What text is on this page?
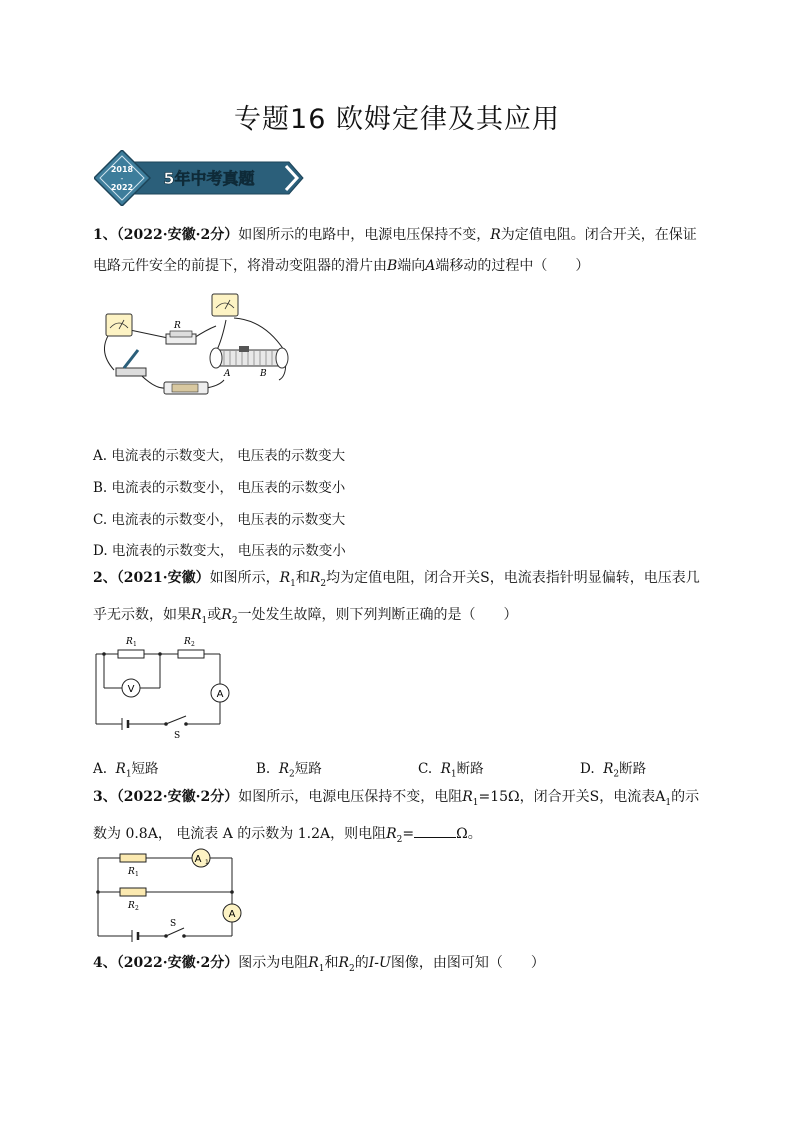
专题16 欧姆定律及其应用
2018
-
2022 5年中考真题
1、（2022·安徽·2分）如图所示的电路中，电源电压保持不变，R为定值电阻。闭合开关，在保证
电路元件安全的前提下，将滑动变阻器的滑片由B端向A端移动的过程中（　　）
R
A	B
A. 电流表的示数变大， 电压表的示数变大
B. 电流表的示数变小， 电压表的示数变小
C. 电流表的示数变小， 电压表的示数变大
D. 电流表的示数变大， 电压表的示数变小
2、（2021·安徽）如图所示，$R_1$和$R_2$均为定值电阻，闭合开关S，电流表指针明显偏转，电压表几
乎无示数，如果$R_1$或$R_2$一处发生故障，则下列判断正确的是（　　）
V	A
R 1	R 2
S
A. $R_1$短路	B. $R_2$短路	C. $R_1$断路	D. $R_2$断路
3、（2022·安徽·2分）如图所示，电源电压保持不变，电阻$R_1=15\Omega$，闭合开关S，电流表$A_1$的示
数为 0.8A， 电流表 A 的示数为 1.2A，则电阻$R_2=$	Ω。
A 1
A
R 1
R 2
S
4、（2022·安徽·2分）图示为电阻$R_1$和$R_2$的I-U图像，由图可知（　　）
